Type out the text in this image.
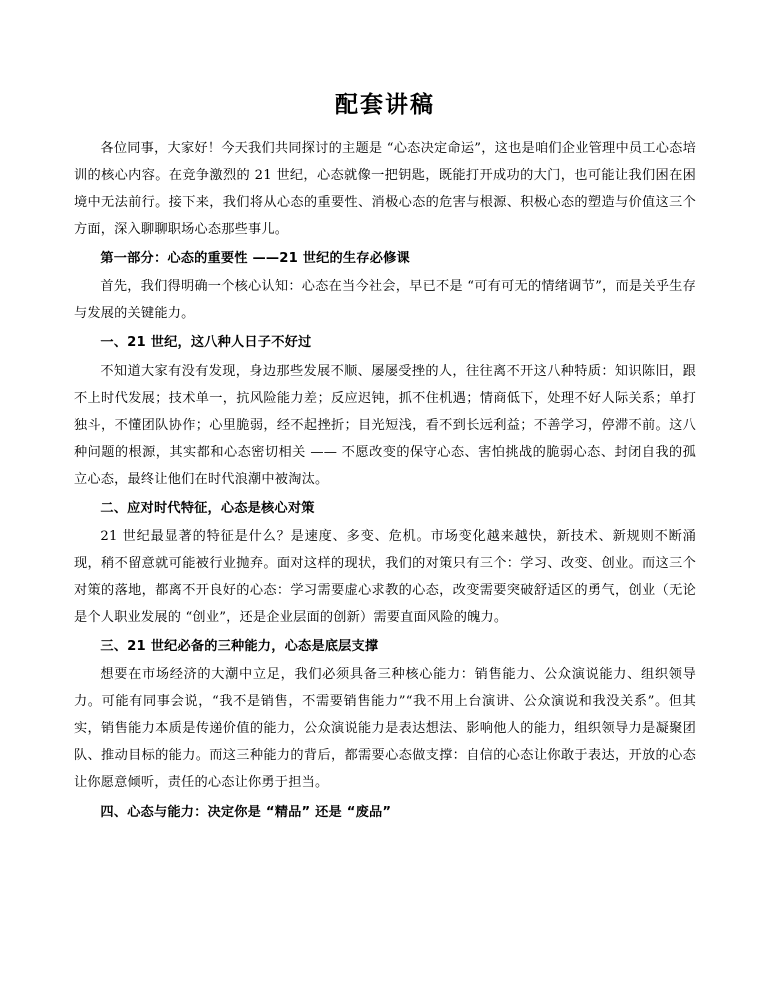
配套讲稿

各位同事，大家好！今天我们共同探讨的主题是 “心态决定命运”，这也是咱们企业管理中员工心态培训的核心内容。在竞争激烈的 21 世纪，心态就像一把钥匙，既能打开成功的大门，也可能让我们困在困境中无法前行。接下来，我们将从心态的重要性、消极心态的危害与根源、积极心态的塑造与价值这三个方面，深入聊聊职场心态那些事儿。

第一部分：心态的重要性 ——21 世纪的生存必修课

首先，我们得明确一个核心认知：心态在当今社会，早已不是 “可有可无的情绪调节”，而是关乎生存与发展的关键能力。

一、21 世纪，这八种人日子不好过

不知道大家有没有发现，身边那些发展不顺、屡屡受挫的人，往往离不开这八种特质：知识陈旧，跟不上时代发展；技术单一，抗风险能力差；反应迟钝，抓不住机遇；情商低下，处理不好人际关系；单打独斗，不懂团队协作；心里脆弱，经不起挫折；目光短浅，看不到长远利益；不善学习，停滞不前。这八种问题的根源，其实都和心态密切相关 —— 不愿改变的保守心态、害怕挑战的脆弱心态、封闭自我的孤立心态，最终让他们在时代浪潮中被淘汰。

二、应对时代特征，心态是核心对策

21 世纪最显著的特征是什么？是速度、多变、危机。市场变化越来越快，新技术、新规则不断涌现，稍不留意就可能被行业抛弃。面对这样的现状，我们的对策只有三个：学习、改变、创业。而这三个对策的落地，都离不开良好的心态：学习需要虚心求教的心态，改变需要突破舒适区的勇气，创业（无论是个人职业发展的 “创业”，还是企业层面的创新）需要直面风险的魄力。

三、21 世纪必备的三种能力，心态是底层支撑

想要在市场经济的大潮中立足，我们必须具备三种核心能力：销售能力、公众演说能力、组织领导力。可能有同事会说，“我不是销售，不需要销售能力”“我不用上台演讲、公众演说和我没关系”。但其实，销售能力本质是传递价值的能力，公众演说能力是表达想法、影响他人的能力，组织领导力是凝聚团队、推动目标的能力。而这三种能力的背后，都需要心态做支撑：自信的心态让你敢于表达，开放的心态让你愿意倾听，责任的心态让你勇于担当。

四、心态与能力：决定你是 “精品” 还是 “废品”
